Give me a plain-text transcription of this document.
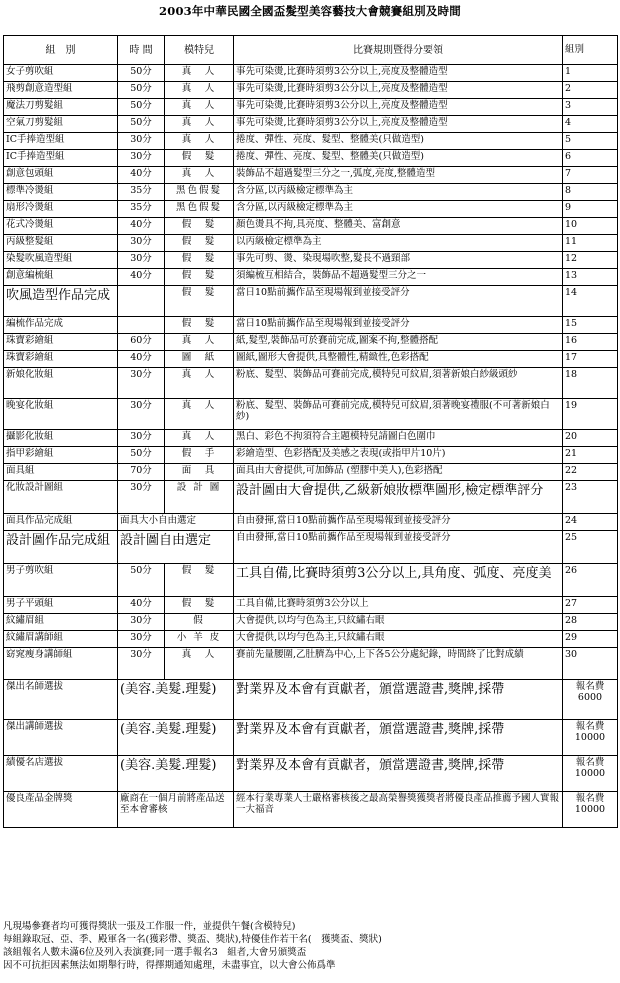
2003年中華民國全國盃髮型美容藝技大會競賽組別及時間
組　別	時 間	模特兒	比賽規則暨得分要領	組別
女子剪吹組	50分	真　人	事先可染燙,比賽時須剪3公分以上,亮度及整體造型	1
飛剪創意造型組	50分	真　人	事先可染燙,比賽時須剪3公分以上,亮度及整體造型	2
魔法刀剪髮組	50分	真　人	事先可染燙,比賽時須剪3公分以上,亮度及整體造型	3
空氣刀剪髮組	50分	真　人	事先可染燙,比賽時須剪3公分以上,亮度及整體造型	4
IC手捧造型組	30分	真　人	捲度、彈性、亮度、髮型、整體美(只做造型)	5
IC手捧造型組	30分	假　髮	捲度、彈性、亮度、髮型、整體美(只做造型)	6
創意包頭組	40分	真　人	裝飾品不超過髮型三分之一,弧度,亮度,整體造型	7
標準冷燙組	35分	黑色假髮	含分區,以丙級檢定標準為主	8
扇形冷燙組	35分	黑色假髮	含分區,以丙級檢定標準為主	9
花式冷燙組	40分	假　髮	顏色燙具不拘,具亮度、整體美、富創意	10
丙級整髮組	30分	假　髮	以丙級檢定標準為主	11
染髮吹風造型組	30分	假　髮	事先可剪、燙、染現場吹整,髮長不過頸部	12
創意編梳組	40分	假　髮	須編梳互相結合，裝飾品不超過髮型三分之一	13
吹風造型作品完成		假　髮	當日10點前攜作品至現場報到並接受評分	14
編梳作品完成		假　髮	當日10點前攜作品至現場報到並接受評分	15
珠寶彩繪組	60分	真　人	紙,髮型,裝飾品可於賽前完成,圖案不拘,整體搭配	16
珠寶彩繪組	40分	圖　紙	圖紙,圖形大會提供,具整體性,精緻性,色彩搭配	17
新娘化妝組	30分	真　人	粉底、髮型、裝飾品可賽前完成,模特兒可紋眉,須著新娘白紗級頭紗	18
晚宴化妝組	30分	真　人	粉底、髮型、裝飾品可賽前完成,模特兒可紋眉,須著晚宴禮服(不可著新娘白紗)	19
攝影化妝組	30分	真　人	黑白、彩色不拘須符合主題模特兒請圖白色圍巾	20
指甲彩繪組	50分	假　手	彩繪造型、色彩搭配及美感之表現(或指甲片10片)	21
面具組	70分	面　具	面具由大會提供,可加飾品 (塑膠中美人),色彩搭配	22
化妝設計圖組	30分	設 計 圖	設計圖由大會提供,乙級新娘妝標準圖形,檢定標準評分	23
面具作品完成組	面具大小自由選定		自由發揮,當日10點前攜作品至現場報到並接受評分	24
設計圖作品完成組	設計圖自由選定		自由發揮,當日10點前攜作品至現場報到並接受評分	25
男子剪吹組	50分	假　髮	工具自備,比賽時須剪3公分以上,具角度、弧度、亮度美	26
男子平頭組	40分	假　髮	工具自備,比賽時須剪3公分以上	27
紋繡眉組	30分	假	大會提供,以均勻色為主,只紋繡右眼	28
紋繡眉講師組	30分	小 羊 皮	大會提供,以均勻色為主,只紋繡右眼	29
窈窕瘦身講師組	30分	真　人	賽前先量腰圍,乙肚臍為中心,上下各5公分處紀錄，時間終了比對成績	30
傑出名師選拔	(美容.美髮.理髮)		對業界及本會有貢獻者，頒當選證書,獎牌,採帶	報名費
6000

傑出講師選拔	(美容.美髮.理髮)		對業界及本會有貢獻者，頒當選證書,獎牌,採帶	報名費
10000

績優名店選拔	(美容.美髮.理髮)		對業界及本會有貢獻者，頒當選證書,獎牌,採帶	報名費
10000

優良產品金牌獎	廠商在一個月前將產品送至本會審核		經本行業專業人士嚴格審核後之最高榮譽獎獲獎者將優良產品推薦予國人實報一大福音	報名費
10000
凡現場參賽者均可獲得獎狀一張及工作服一件，並提供午餐(含模特兒)
每組錄取冠、亞、季、殿軍各一名(獲彩帶、獎盃、獎狀),特優佳作若干名(　獲獎盃、獎狀)
該組報名人數未滿6位及列入表演賽;同一選手報名3　組者,大會另頒獎盃
因不可抗拒因素無法如期舉行時，得擇期通知處理，未盡事宜，以大會公佈爲準
